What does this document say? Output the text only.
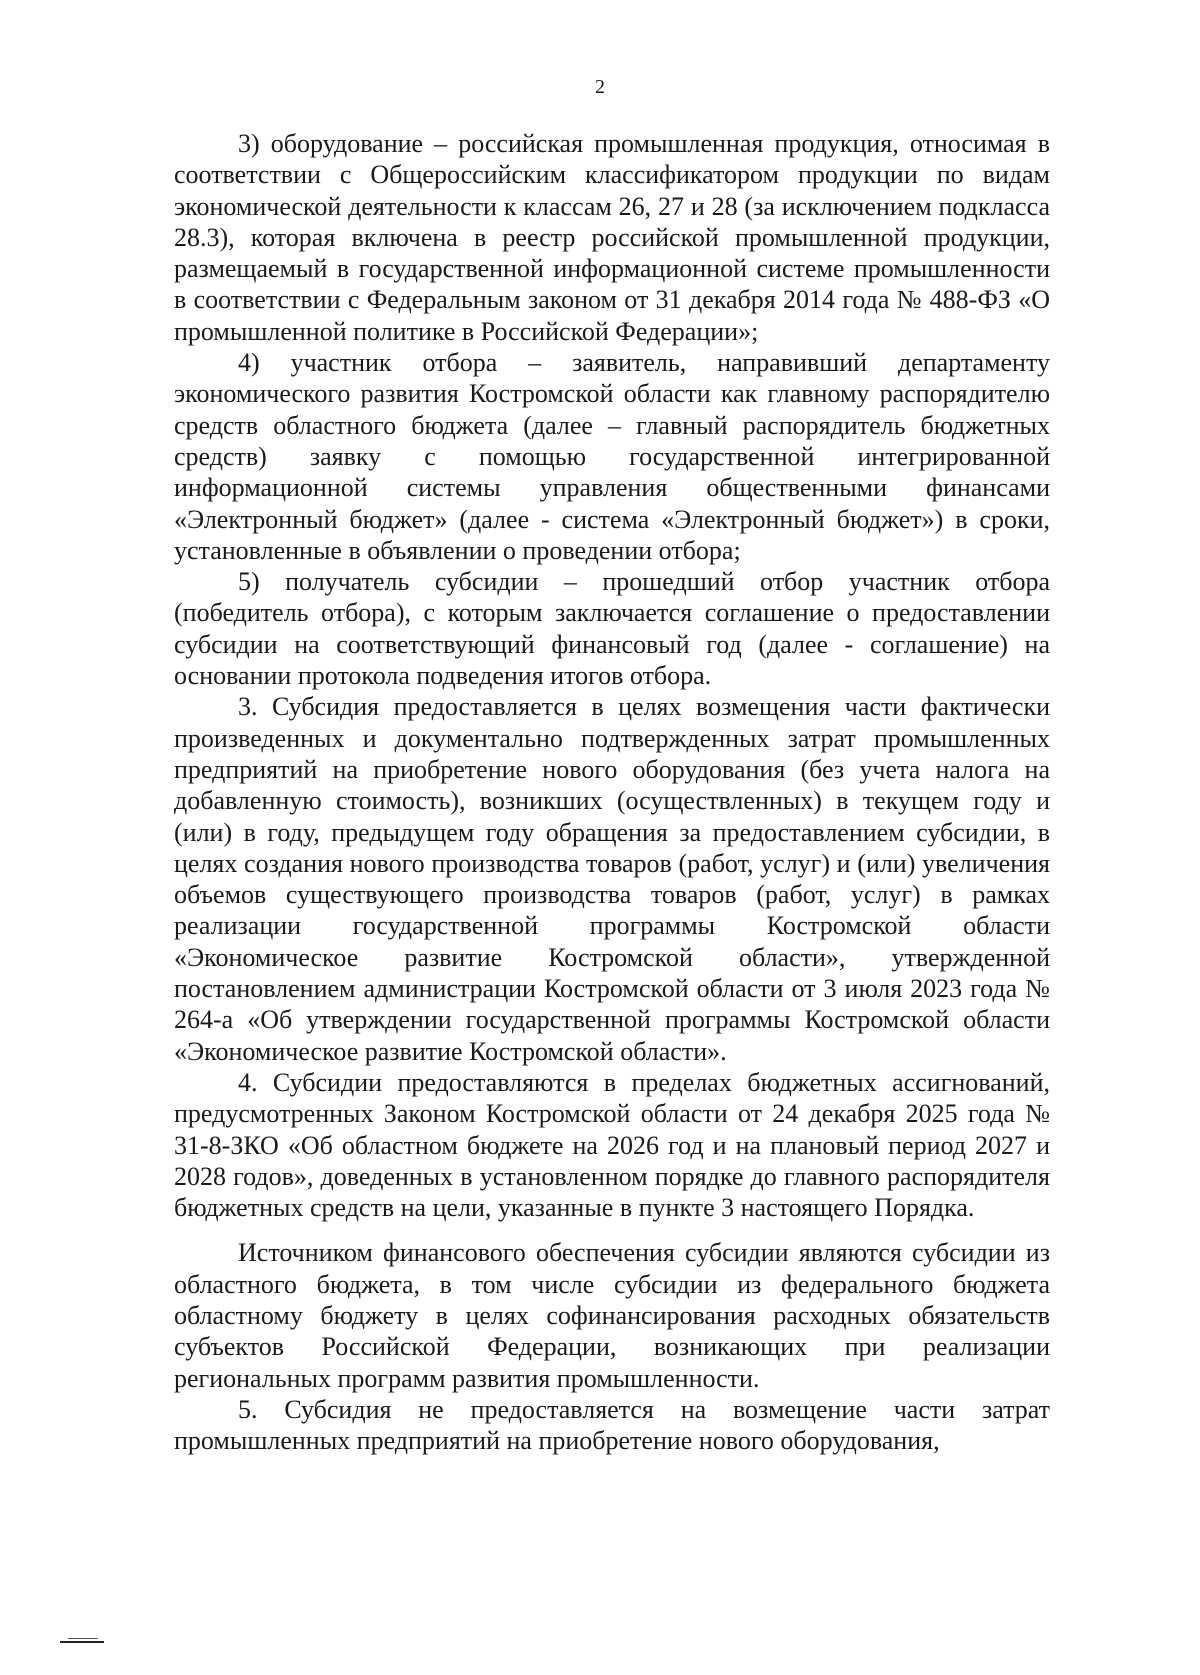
2

3) оборудование – российская промышленная продукция, относимая в соответствии с Общероссийским классификатором продукции по видам экономической деятельности к классам 26, 27 и 28 (за исключением подкласса 28.3), которая включена в реестр российской промышленной продукции, размещаемый в государственной информационной системе промышленности в соответствии с Федеральным законом от 31 декабря 2014 года № 488-ФЗ «О промышленной политике в Российской Федерации»;

4) участник отбора – заявитель, направивший департаменту экономического развития Костромской области как главному распорядителю средств областного бюджета (далее – главный распорядитель бюджетных средств) заявку с помощью государственной интегрированной информационной системы управления общественными финансами «Электронный бюджет» (далее - система «Электронный бюджет») в сроки, установленные в объявлении о проведении отбора;

5) получатель субсидии – прошедший отбор участник отбора (победитель отбора), с которым заключается соглашение о предоставлении субсидии на соответствующий финансовый год (далее - соглашение) на основании протокола подведения итогов отбора.

3. Субсидия предоставляется в целях возмещения части фактически произведенных и документально подтвержденных затрат промышленных предприятий на приобретение нового оборудования (без учета налога на добавленную стоимость), возникших (осуществленных) в текущем году и (или) в году, предыдущем году обращения за предоставлением субсидии, в целях создания нового производства товаров (работ, услуг) и (или) увеличения объемов существующего производства товаров (работ, услуг) в рамках реализации государственной программы Костромской области «Экономическое развитие Костромской области», утвержденной постановлением администрации Костромской области от 3 июля 2023 года № 264-а «Об утверждении государственной программы Костромской области «Экономическое развитие Костромской области».

4. Субсидии предоставляются в пределах бюджетных ассигнований, предусмотренных Законом Костромской области от 24 декабря 2025 года № 31-8-ЗКО «Об областном бюджете на 2026 год и на плановый период 2027 и 2028 годов», доведенных в установленном порядке до главного распорядителя бюджетных средств на цели, указанные в пункте 3 настоящего Порядка.

Источником финансового обеспечения субсидии являются субсидии из областного бюджета, в том числе субсидии из федерального бюджета областному бюджету в целях софинансирования расходных обязательств субъектов Российской Федерации, возникающих при реализации региональных программ развития промышленности.

5. Субсидия не предоставляется на возмещение части затрат промышленных предприятий на приобретение нового оборудования,
